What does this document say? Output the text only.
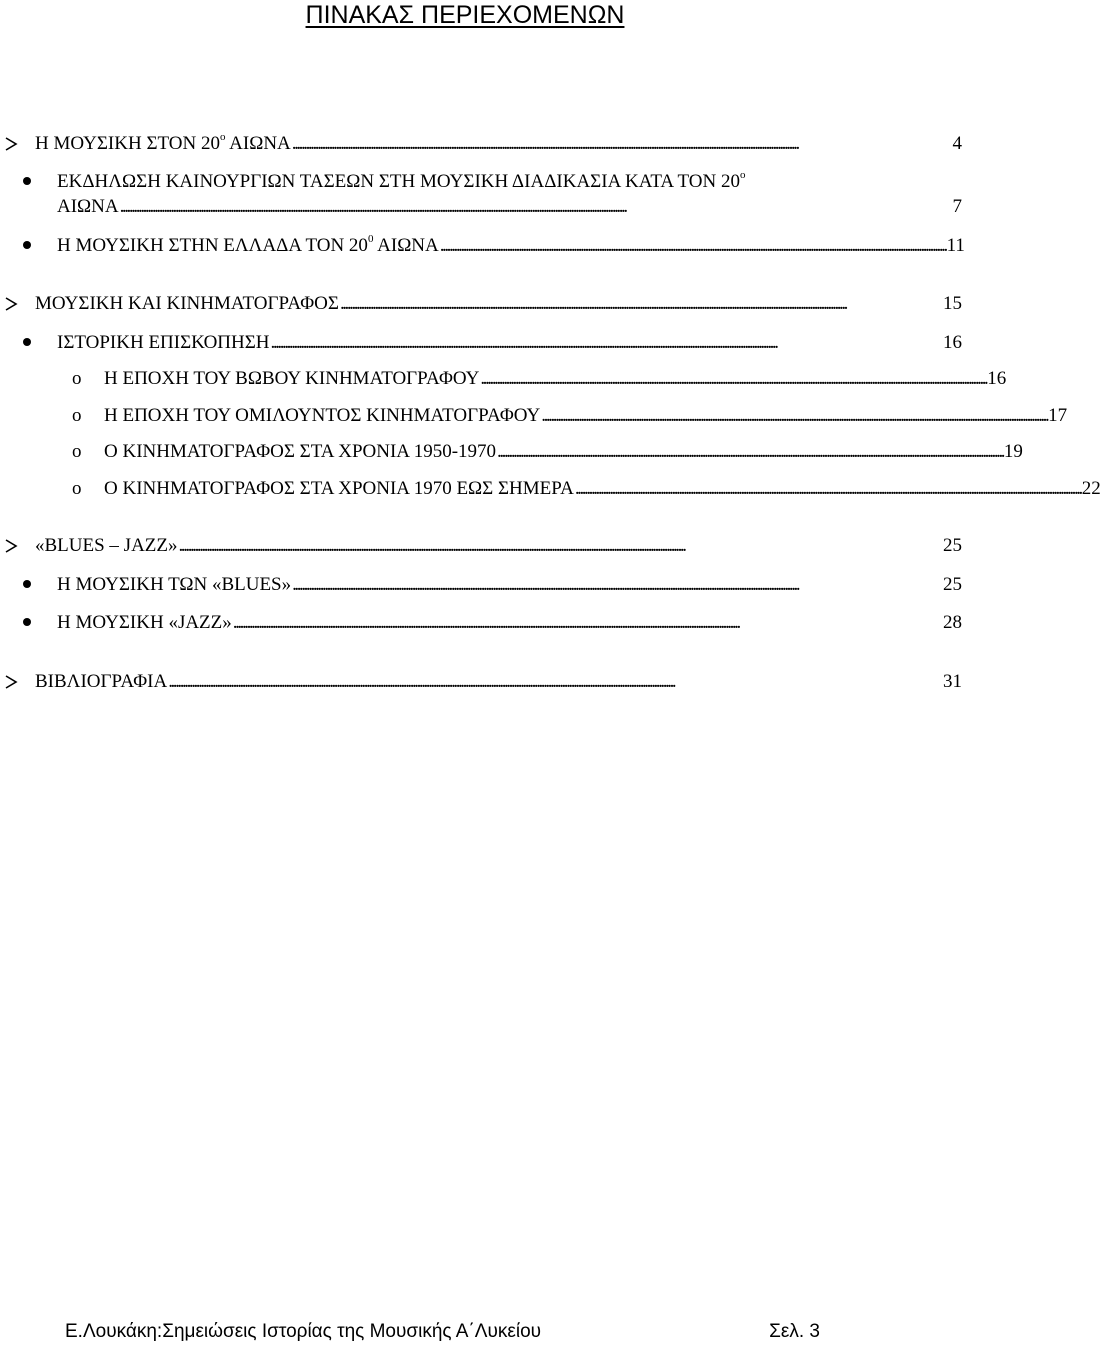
ΠΙΝΑΚΑΣ ΠΕΡΙΕΧΟΜΕΝΩΝ
Η ΜΟΥΣΙΚΗ ΣΤΟΝ $20^o$ ΑΙΩΝΑ . . .	4
ΕΚΔΗΛΩΣΗ ΚΑΙΝΟΥΡΓΙΩΝ ΤΑΣΕΩΝ ΣΤΗ ΜΟΥΣΙΚΗ ΔΙΑΔΙΚΑΣΙΑ ΚΑΤΑ ΤΟΝ $20^o$
ΑΙΩΝΑ . . .	7
Η ΜΟΥΣΙΚΗ ΣΤΗΝ ΕΛΛΑΔΑ ΤΟΝ $20^0$ ΑΙΩΝΑ . . .	11
ΜΟΥΣΙΚΗ ΚΑΙ ΚΙΝΗΜΑΤΟΓΡΑΦΟΣ . . .	15
ΙΣΤΟΡΙΚΗ ΕΠΙΣΚΟΠΗΣΗ . . .	16
o Η ΕΠΟΧΗ ΤΟΥ ΒΩΒΟΥ ΚΙΝΗΜΑΤΟΓΡΑΦΟΥ . . .	16
o Η ΕΠΟΧΗ ΤΟΥ ΟΜΙΛΟΥΝΤΟΣ ΚΙΝΗΜΑΤΟΓΡΑΦΟΥ . . .	17
o Ο ΚΙΝΗΜΑΤΟΓΡΑΦΟΣ ΣΤΑ ΧΡΟΝΙΑ 1950-1970 . . .	19
o Ο ΚΙΝΗΜΑΤΟΓΡΑΦΟΣ ΣΤΑ ΧΡΟΝΙΑ 1970 ΕΩΣ ΣΗΜΕΡΑ . . .	22
«BLUES – JAZZ» . . .	25
Η ΜΟΥΣΙΚΗ ΤΩΝ «BLUES» . . .	25
Η ΜΟΥΣΙΚΗ «JAZZ» . . .	28
ΒΙΒΛΙΟΓΡΑΦΙΑ . . .	31
Ε.Λουκάκη:Σημειώσεις Ιστορίας της Μουσικής Α΄Λυκείου	Σελ. 3
